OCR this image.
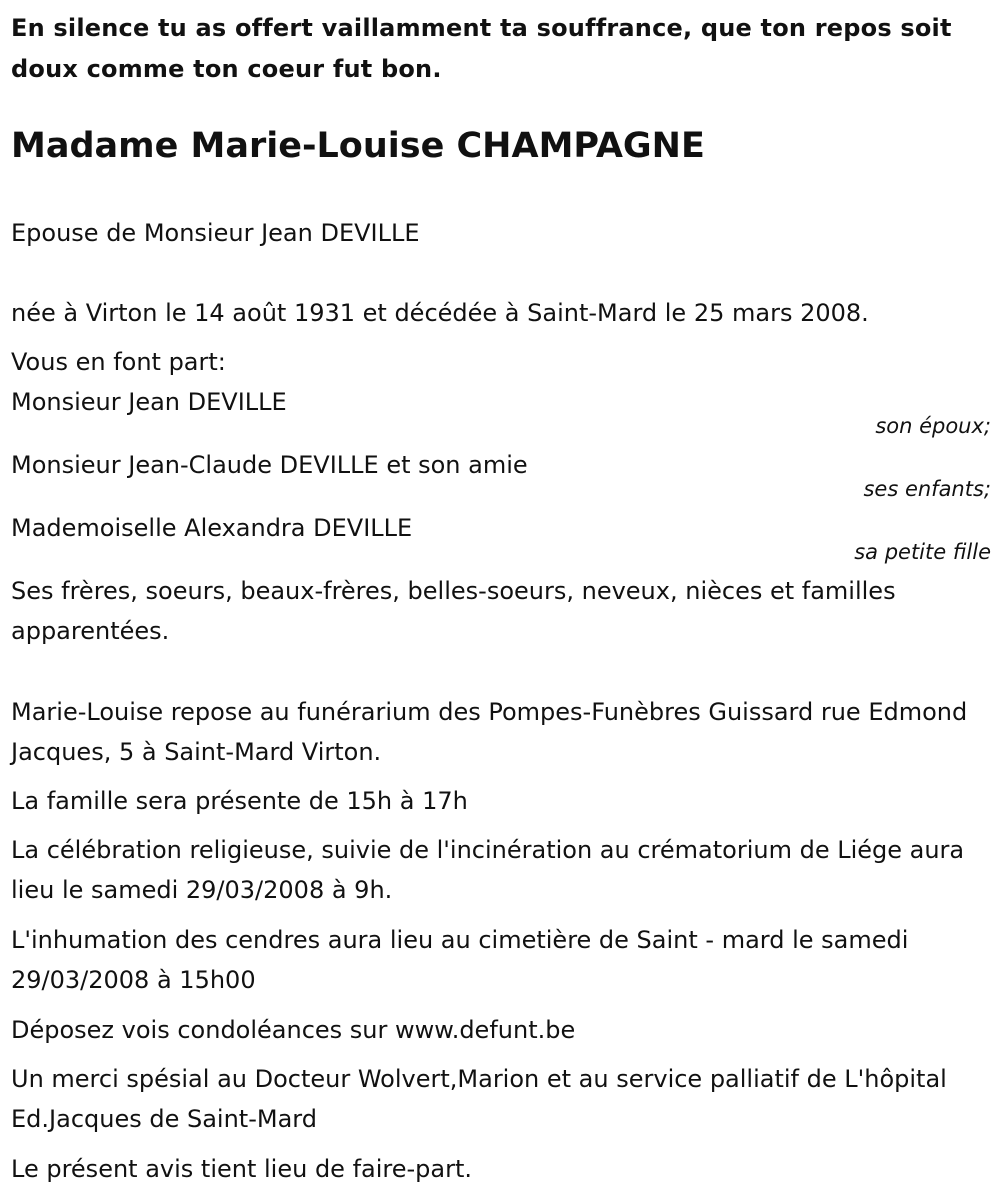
En silence tu as offert vaillamment ta souffrance, que ton repos soit doux comme ton coeur fut bon.
Madame Marie-Louise CHAMPAGNE
Epouse de Monsieur Jean DEVILLE
née à Virton le 14 août 1931 et décédée à Saint-Mard le 25 mars 2008.
Vous en font part:
Monsieur Jean DEVILLE
son époux;
Monsieur Jean-Claude DEVILLE et son amie
ses enfants;
Mademoiselle Alexandra DEVILLE
sa petite fille
Ses frères, soeurs, beaux-frères, belles-soeurs, neveux, nièces et familles apparentées.
Marie-Louise repose au funérarium des Pompes-Funèbres Guissard rue Edmond Jacques, 5 à Saint-Mard Virton.
La famille sera présente de 15h à 17h
La célébration religieuse, suivie de l'incinération au crématorium de Liége aura lieu le samedi 29/03/2008 à 9h.
L'inhumation des cendres aura lieu au cimetière de Saint - mard le samedi 29/03/2008 à 15h00
Déposez vois condoléances sur www.defunt.be
Un merci spésial au Docteur Wolvert,Marion et au service palliatif de L'hôpital Ed.Jacques de Saint-Mard
Le présent avis tient lieu de faire-part.
